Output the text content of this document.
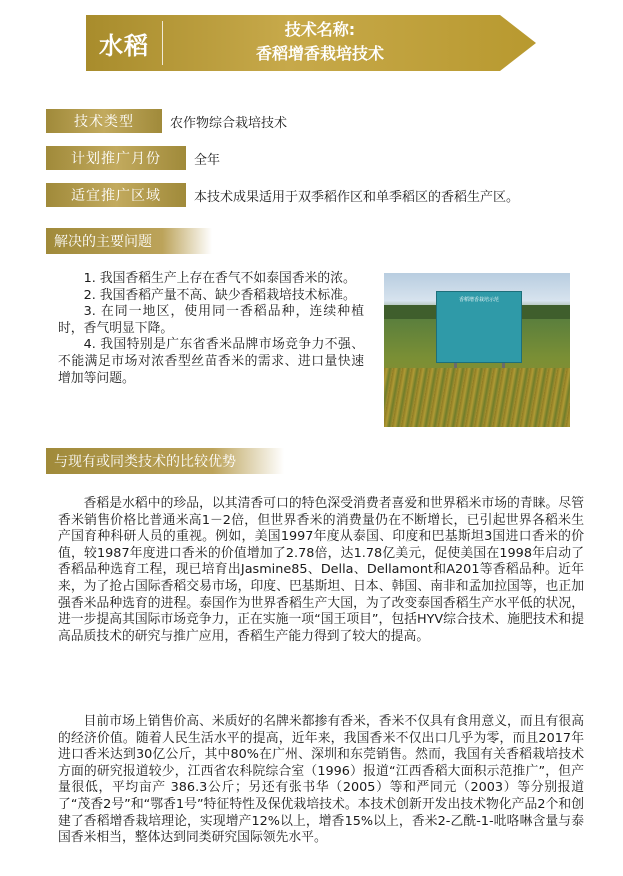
水稻
技术名称:
香稻增香栽培技术
技术类型	农作物综合栽培技术
计划推广月份	全年
适宜推广区域	本技术成果适用于双季稻作区和单季稻区的香稻生产区。
解决的主要问题

1. 我国香稻生产上存在香气不如泰国香米的浓。

2. 我国香稻产量不高、缺少香稻栽培技术标准。

3. 在同一地区，使用同一香稻品种，连续种植时，香气明显下降。

4. 我国特别是广东省香米品牌市场竞争力不强、不能满足市场对浓香型丝苗香米的需求、进口量快速增加等问题。

香稻增香栽培示范
与现有或同类技术的比较优势

香稻是水稻中的珍品，以其清香可口的特色深受消费者喜爱和世界稻米市场的青睐。尽管香米销售价格比普通米高1－2倍，但世界香米的消费量仍在不断增长，已引起世界各稻米生产国育种科研人员的重视。例如，美国1997年度从泰国、印度和巴基斯坦3国进口香米的价值，较1987年度进口香米的价值增加了2.78倍，达1.78亿美元，促使美国在1998年启动了香稻品种选育工程，现已培育出Jasmine85、Della、Dellamont和A201等香稻品种。近年来，为了抢占国际香稻交易市场，印度、巴基斯坦、日本、韩国、南非和孟加拉国等，也正加强香米品种选育的进程。泰国作为世界香稻生产大国，为了改变泰国香稻生产水平低的状况，进一步提高其国际市场竞争力，正在实施一项“国王项目”，包括HYV综合技术、施肥技术和提高品质技术的研究与推广应用，香稻生产能力得到了较大的提高。

目前市场上销售价高、米质好的名牌米都掺有香米，香米不仅具有食用意义，而且有很高的经济价值。随着人民生活水平的提高，近年来，我国香米不仅出口几乎为零，而且2017年进口香米达到30亿公斤，其中80%在广州、深圳和东莞销售。然而，我国有关香稻栽培技术方面的研究报道较少，江西省农科院综合室（1996）报道“江西香稻大面积示范推广”，但产量很低，平均亩产 386.3公斤；另还有张书华（2005）等和严同元（2003）等分别报道了“茂香2号”和“鄂香1号”特征特性及保优栽培技术。本技术创新开发出技术物化产品2个和创建了香稻增香栽培理论，实现增产12%以上，增香15%以上，香米2-乙酰-1-吡咯啉含量与泰国香米相当，整体达到同类研究国际领先水平。
